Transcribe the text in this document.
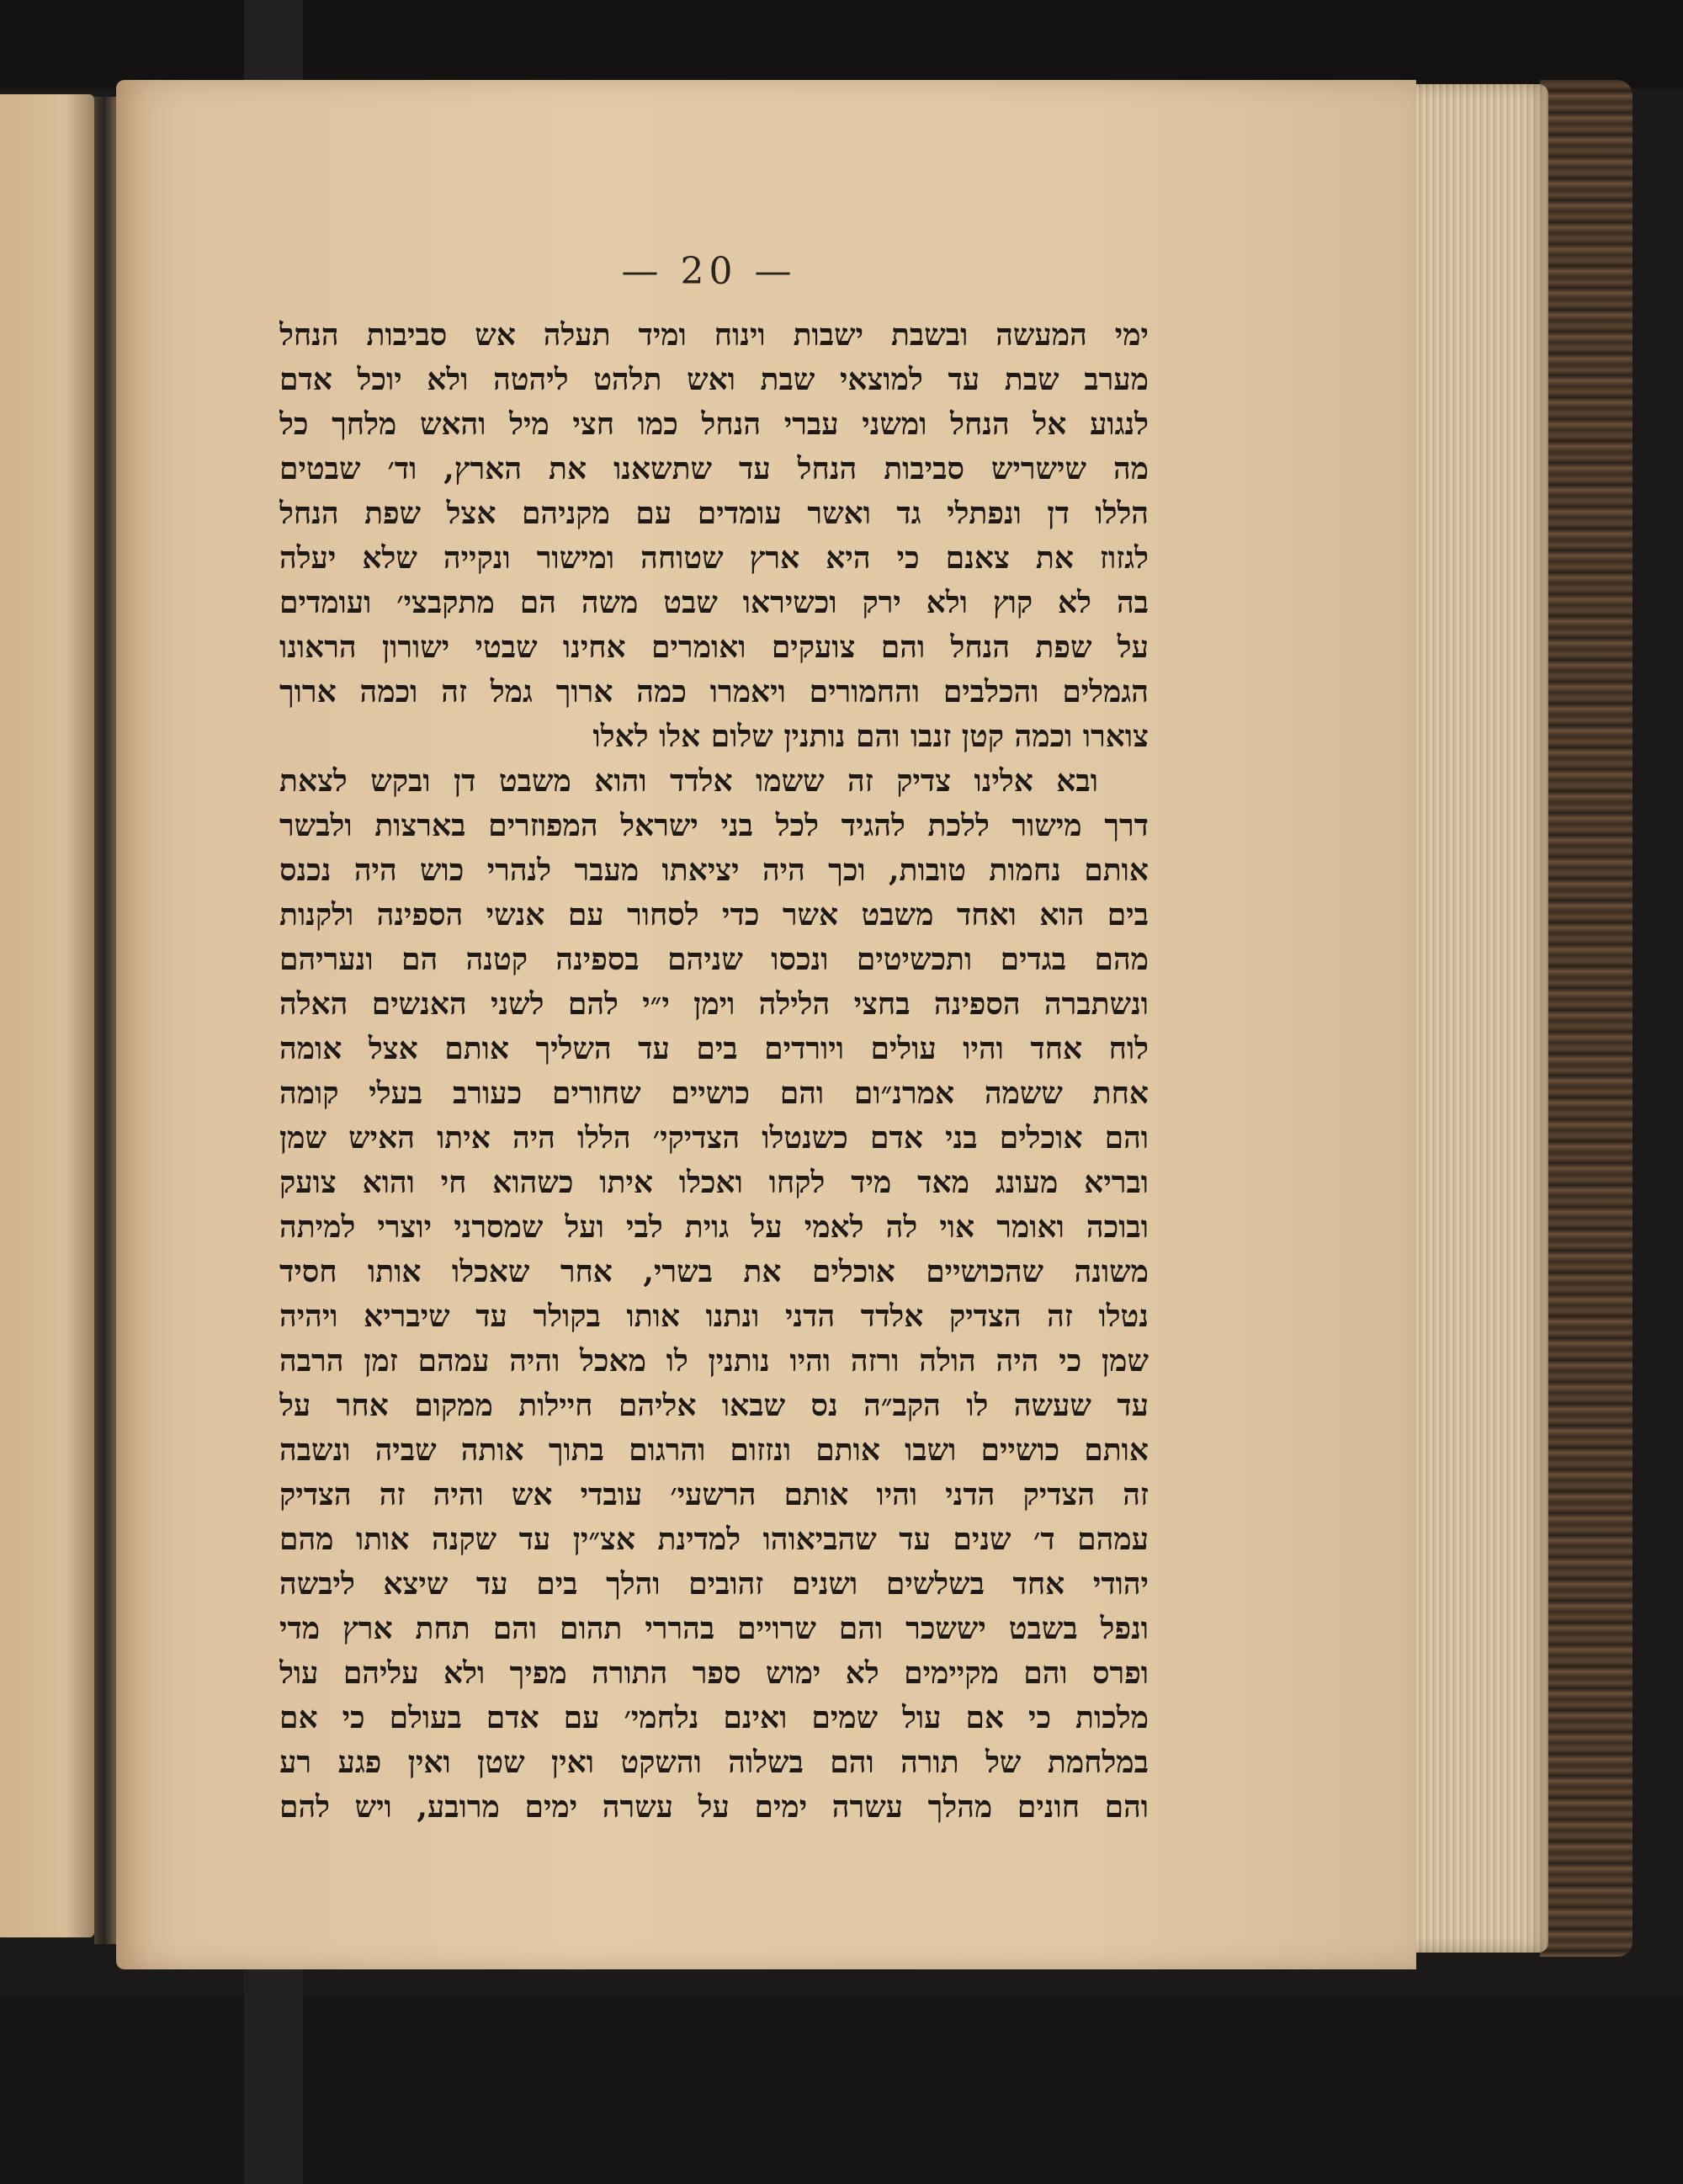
— 20 —
ימי המעשה ובשבת ישבות וינוח ומיד תעלה אש סביבות הנחל
מערב שבת עד למוצאי שבת ואש תלהט ליהטה ולא יוכל אדם
לנגוע אל הנחל ומשני עברי הנחל כמו חצי מיל והאש מלחך כל
מה שישריש סביבות הנחל עד שתשאנו את הארץ, וד׳ שבטים
הללו דן ונפתלי גד ואשר עומדים עם מקניהם אצל שפת הנחל
לגזוז את צאנם כי היא ארץ שטוחה ומישור ונקייה שלא יעלה
בה לא קוץ ולא ירק וכשיראו שבט משה הם מתקבצי׳ ועומדים
על שפת הנחל והם צועקים ואומרים אחינו שבטי ישורון הראונו
הגמלים והכלבים והחמורים ויאמרו כמה ארוך גמל זה וכמה ארוך
צוארו וכמה קטן זנבו והם נותנין שלום אלו לאלו
ובא אלינו צדיק זה ששמו אלדד והוא משבט דן ובקש לצאת
דרך מישור ללכת להגיד לכל בני ישראל המפוזרים בארצות ולבשר
אותם נחמות טובות, וכך היה יציאתו מעבר לנהרי כוש היה נכנס
בים הוא ואחד משבט אשר כדי לסחור עם אנשי הספינה ולקנות
מהם בגדים ותכשיטים ונכסו שניהם בספינה קטנה הם ונעריהם
ונשתברה הספינה בחצי הלילה וימן י״י להם לשני האנשים האלה
לוח אחד והיו עולים ויורדים בים עד השליך אותם אצל אומה
אחת ששמה אמרנ״ום והם כושיים שחורים כעורב בעלי קומה
והם אוכלים בני אדם כשנטלו הצדיקי׳ הללו היה איתו האיש שמן
ובריא מעונג מאד מיד לקחו ואכלו איתו כשהוא חי והוא צועק
ובוכה ואומר אוי לה לאמי על גוית לבי ועל שמסרני יוצרי למיתה
משונה שהכושיים אוכלים את בשרי, אחר שאכלו אותו חסיד
נטלו זה הצדיק אלדד הדני ונתנו אותו בקולר עד שיבריא ויהיה
שמן כי היה הולה ורזה והיו נותנין לו מאכל והיה עמהם זמן הרבה
עד שעשה לו הקב״ה נס שבאו אליהם חיילות ממקום אחר על
אותם כושיים ושבו אותם ונזזום והרגום בתוך אותה שביה ונשבה
זה הצדיק הדני והיו אותם הרשעי׳ עובדי אש והיה זה הצדיק
עמהם ד׳ שנים עד שהביאוהו למדינת אצ״ין עד שקנה אותו מהם
יהודי אחד בשלשים ושנים זהובים והלך בים עד שיצא ליבשה
ונפל בשבט יששכר והם שרויים בהררי תהום והם תחת ארץ מדי
ופרס והם מקיימים לא ימוש ספר התורה מפיך ולא עליהם עול
מלכות כי אם עול שמים ואינם נלחמי׳ עם אדם בעולם כי אם
במלחמת של תורה והם בשלוה והשקט ואין שטן ואין פגע רע
והם חונים מהלך עשרה ימים על עשרה ימים מרובע, ויש להם
